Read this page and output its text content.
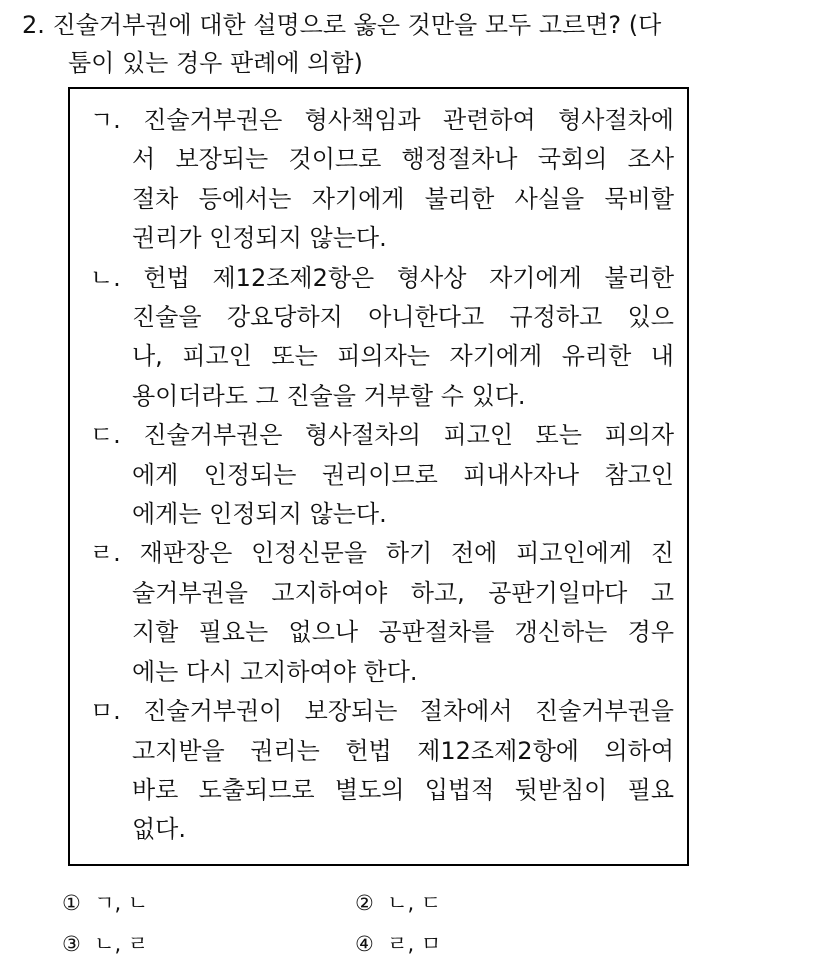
2. 진술거부권에 대한 설명으로 옳은 것만을 모두 고르면? (다
툼이 있는 경우 판례에 의함)
ㄱ. 진술거부권은 형사책임과 관련하여 형사절차에
서 보장되는 것이므로 행정절차나 국회의 조사
절차 등에서는 자기에게 불리한 사실을 묵비할
권리가 인정되지 않는다.
ㄴ. 헌법 제12조제2항은 형사상 자기에게 불리한
진술을 강요당하지 아니한다고 규정하고 있으
나, 피고인 또는 피의자는 자기에게 유리한 내
용이더라도 그 진술을 거부할 수 있다.
ㄷ. 진술거부권은 형사절차의 피고인 또는 피의자
에게 인정되는 권리이므로 피내사자나 참고인
에게는 인정되지 않는다.
ㄹ. 재판장은 인정신문을 하기 전에 피고인에게 진
술거부권을 고지하여야 하고, 공판기일마다 고
지할 필요는 없으나 공판절차를 갱신하는 경우
에는 다시 고지하여야 한다.
ㅁ. 진술거부권이 보장되는 절차에서 진술거부권을
고지받을 권리는 헌법 제12조제2항에 의하여
바로 도출되므로 별도의 입법적 뒷받침이 필요
없다.
① ㄱ, ㄴ	② ㄴ, ㄷ
③ ㄴ, ㄹ	④ ㄹ, ㅁ
